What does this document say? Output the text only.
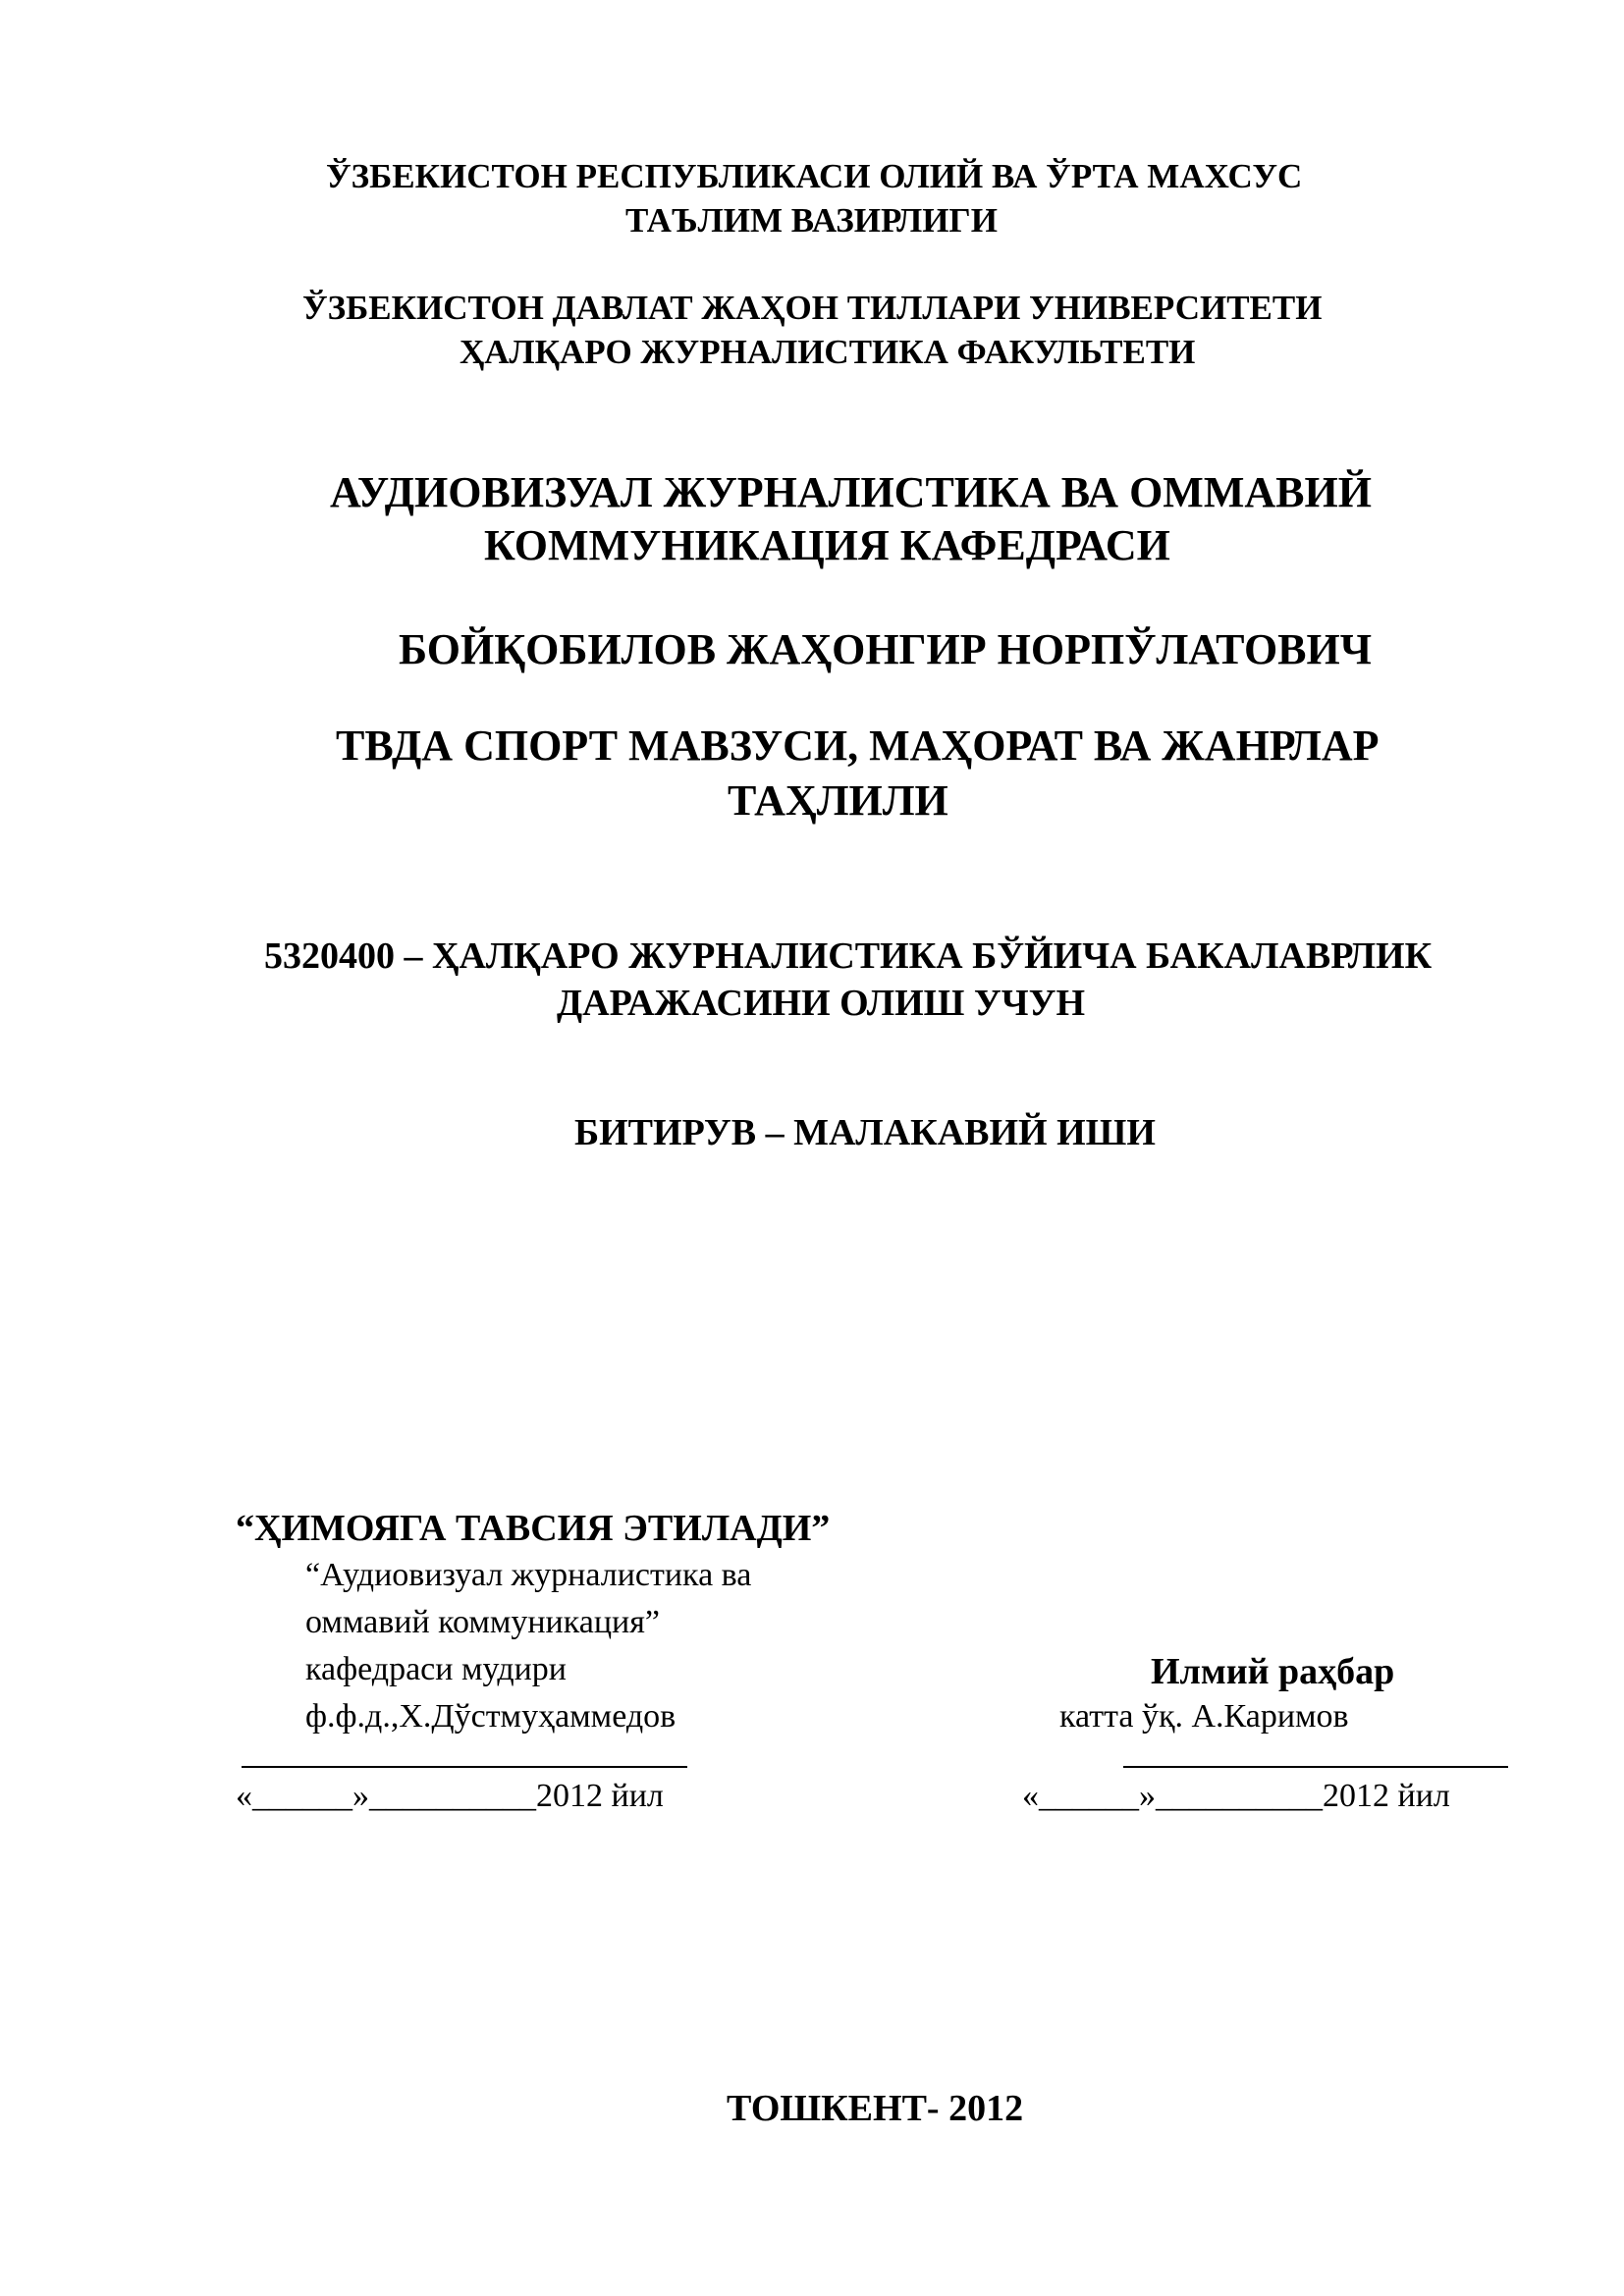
ЎЗБЕКИСТОН РЕСПУБЛИКАСИ ОЛИЙ ВА ЎРТА МАХСУС
ТАЪЛИМ ВАЗИРЛИГИ
ЎЗБЕКИСТОН ДАВЛАТ ЖАҲОН ТИЛЛАРИ УНИВЕРСИТЕТИ
ҲАЛҚАРО ЖУРНАЛИСТИКА ФАКУЛЬТЕТИ
АУДИОВИЗУАЛ ЖУРНАЛИСТИКА ВА ОММАВИЙ
КОММУНИКАЦИЯ КАФЕДРАСИ
БОЙҚОБИЛОВ ЖАҲОНГИР НОРПЎЛАТОВИЧ
ТВДА СПОРТ МАВЗУСИ, МАҲОРАТ ВА ЖАНРЛАР
ТАҲЛИЛИ
5320400 – ҲАЛҚАРО ЖУРНАЛИСТИКА БЎЙИЧА БАКАЛАВРЛИК
ДАРАЖАСИНИ ОЛИШ УЧУН
БИТИРУВ – МАЛАКАВИЙ ИШИ
“ҲИМОЯГА ТАВСИЯ ЭТИЛАДИ”
“Аудиовизуал журналистика ва
оммавий коммуникация”
кафедраси мудири
ф.ф.д.,Х.Дўстмуҳаммедов
«______»__________2012 йил
Илмий раҳбар
катта ўқ. А.Каримов
«______»__________2012 йил
ТОШКЕНТ- 2012
